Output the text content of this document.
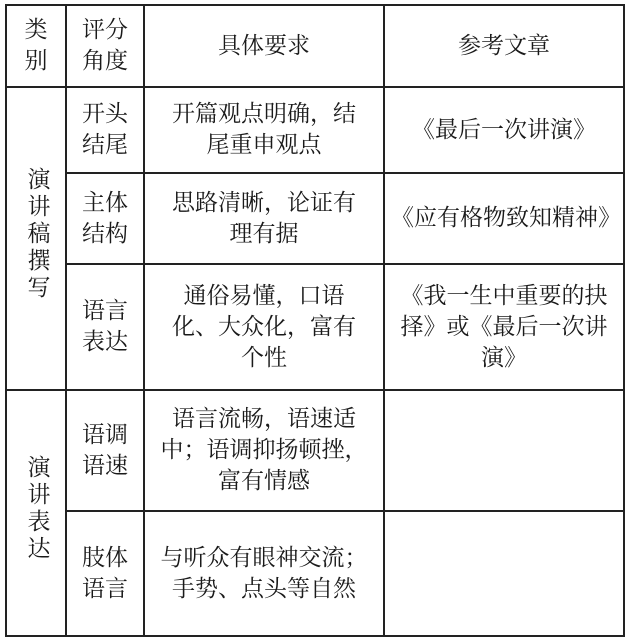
类别	评分角度	具体要求	参考文章
演讲稿撰写	开头结尾	开篇观点明确，结尾重申观点	《最后一次讲演》
	主体结构	思路清晰，论证有理有据	《应有格物致知精神》
	语言表达	通俗易懂，口语化、大众化，富有个性	《我一生中重要的抉择》或《最后一次讲演》
演讲表达	语调语速	语言流畅，语速适中；语调抑扬顿挫，富有情感	
	肢体语言	与听众有眼神交流；手势、点头等自然	
